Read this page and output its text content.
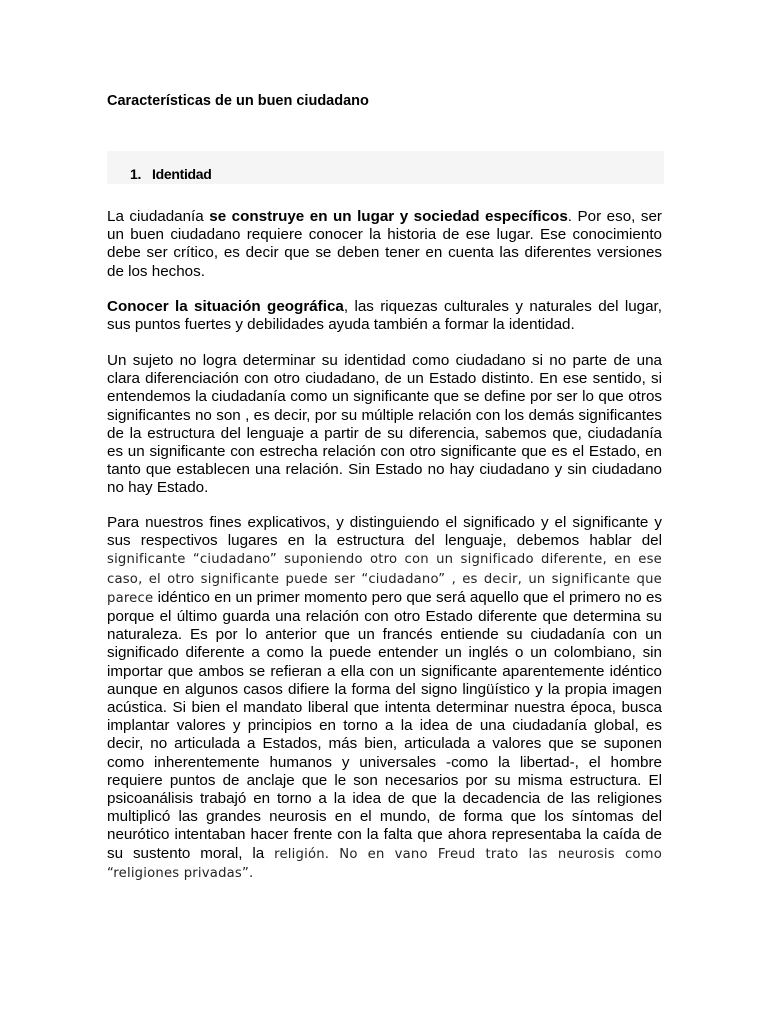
Características de un buen ciudadano
1. Identidad

La ciudadanía se construye en un lugar y sociedad específicos. Por eso, ser un buen ciudadano requiere conocer la historia de ese lugar. Ese conocimiento debe ser crítico, es decir que se deben tener en cuenta las diferentes versiones de los hechos.

Conocer la situación geográfica, las riquezas culturales y naturales del lugar, sus puntos fuertes y debilidades ayuda también a formar la identidad.

Un sujeto no logra determinar su identidad como ciudadano si no parte de una clara diferenciación con otro ciudadano, de un Estado distinto. En ese sentido, si entendemos la ciudadanía como un significante que se define por ser lo que otros significantes no son , es decir, por su múltiple relación con los demás significantes de la estructura del lenguaje a partir de su diferencia, sabemos que, ciudadanía es un significante con estrecha relación con otro significante que es el Estado, en tanto que establecen una relación. Sin Estado no hay ciudadano y sin ciudadano no hay Estado.

Para nuestros fines explicativos, y distinguiendo el significado y el significante y sus respectivos lugares en la estructura del lenguaje, debemos hablar del significante “ciudadano” suponiendo otro con un significado diferente, en ese caso, el otro significante puede ser “ciudadano” , es decir, un significante que parece idéntico en un primer momento pero que será aquello que el primero no es porque el último guarda una relación con otro Estado diferente que determina su naturaleza. Es por lo anterior que un francés entiende su ciudadanía con un significado diferente a como la puede entender un inglés o un colombiano, sin importar que ambos se refieran a ella con un significante aparentemente idéntico aunque en algunos casos difiere la forma del signo lingüístico y la propia imagen acústica. Si bien el mandato liberal que intenta determinar nuestra época, busca implantar valores y principios en torno a la idea de una ciudadanía global, es decir, no articulada a Estados, más bien, articulada a valores que se suponen como inherentemente humanos y universales -como la libertad-, el hombre requiere puntos de anclaje que le son necesarios por su misma estructura. El psicoanálisis trabajó en torno a la idea de que la decadencia de las religiones multiplicó las grandes neurosis en el mundo, de forma que los síntomas del neurótico intentaban hacer frente con la falta que ahora representaba la caída de su sustento moral, la religión. No en vano Freud trato las neurosis como “religiones privadas”.
